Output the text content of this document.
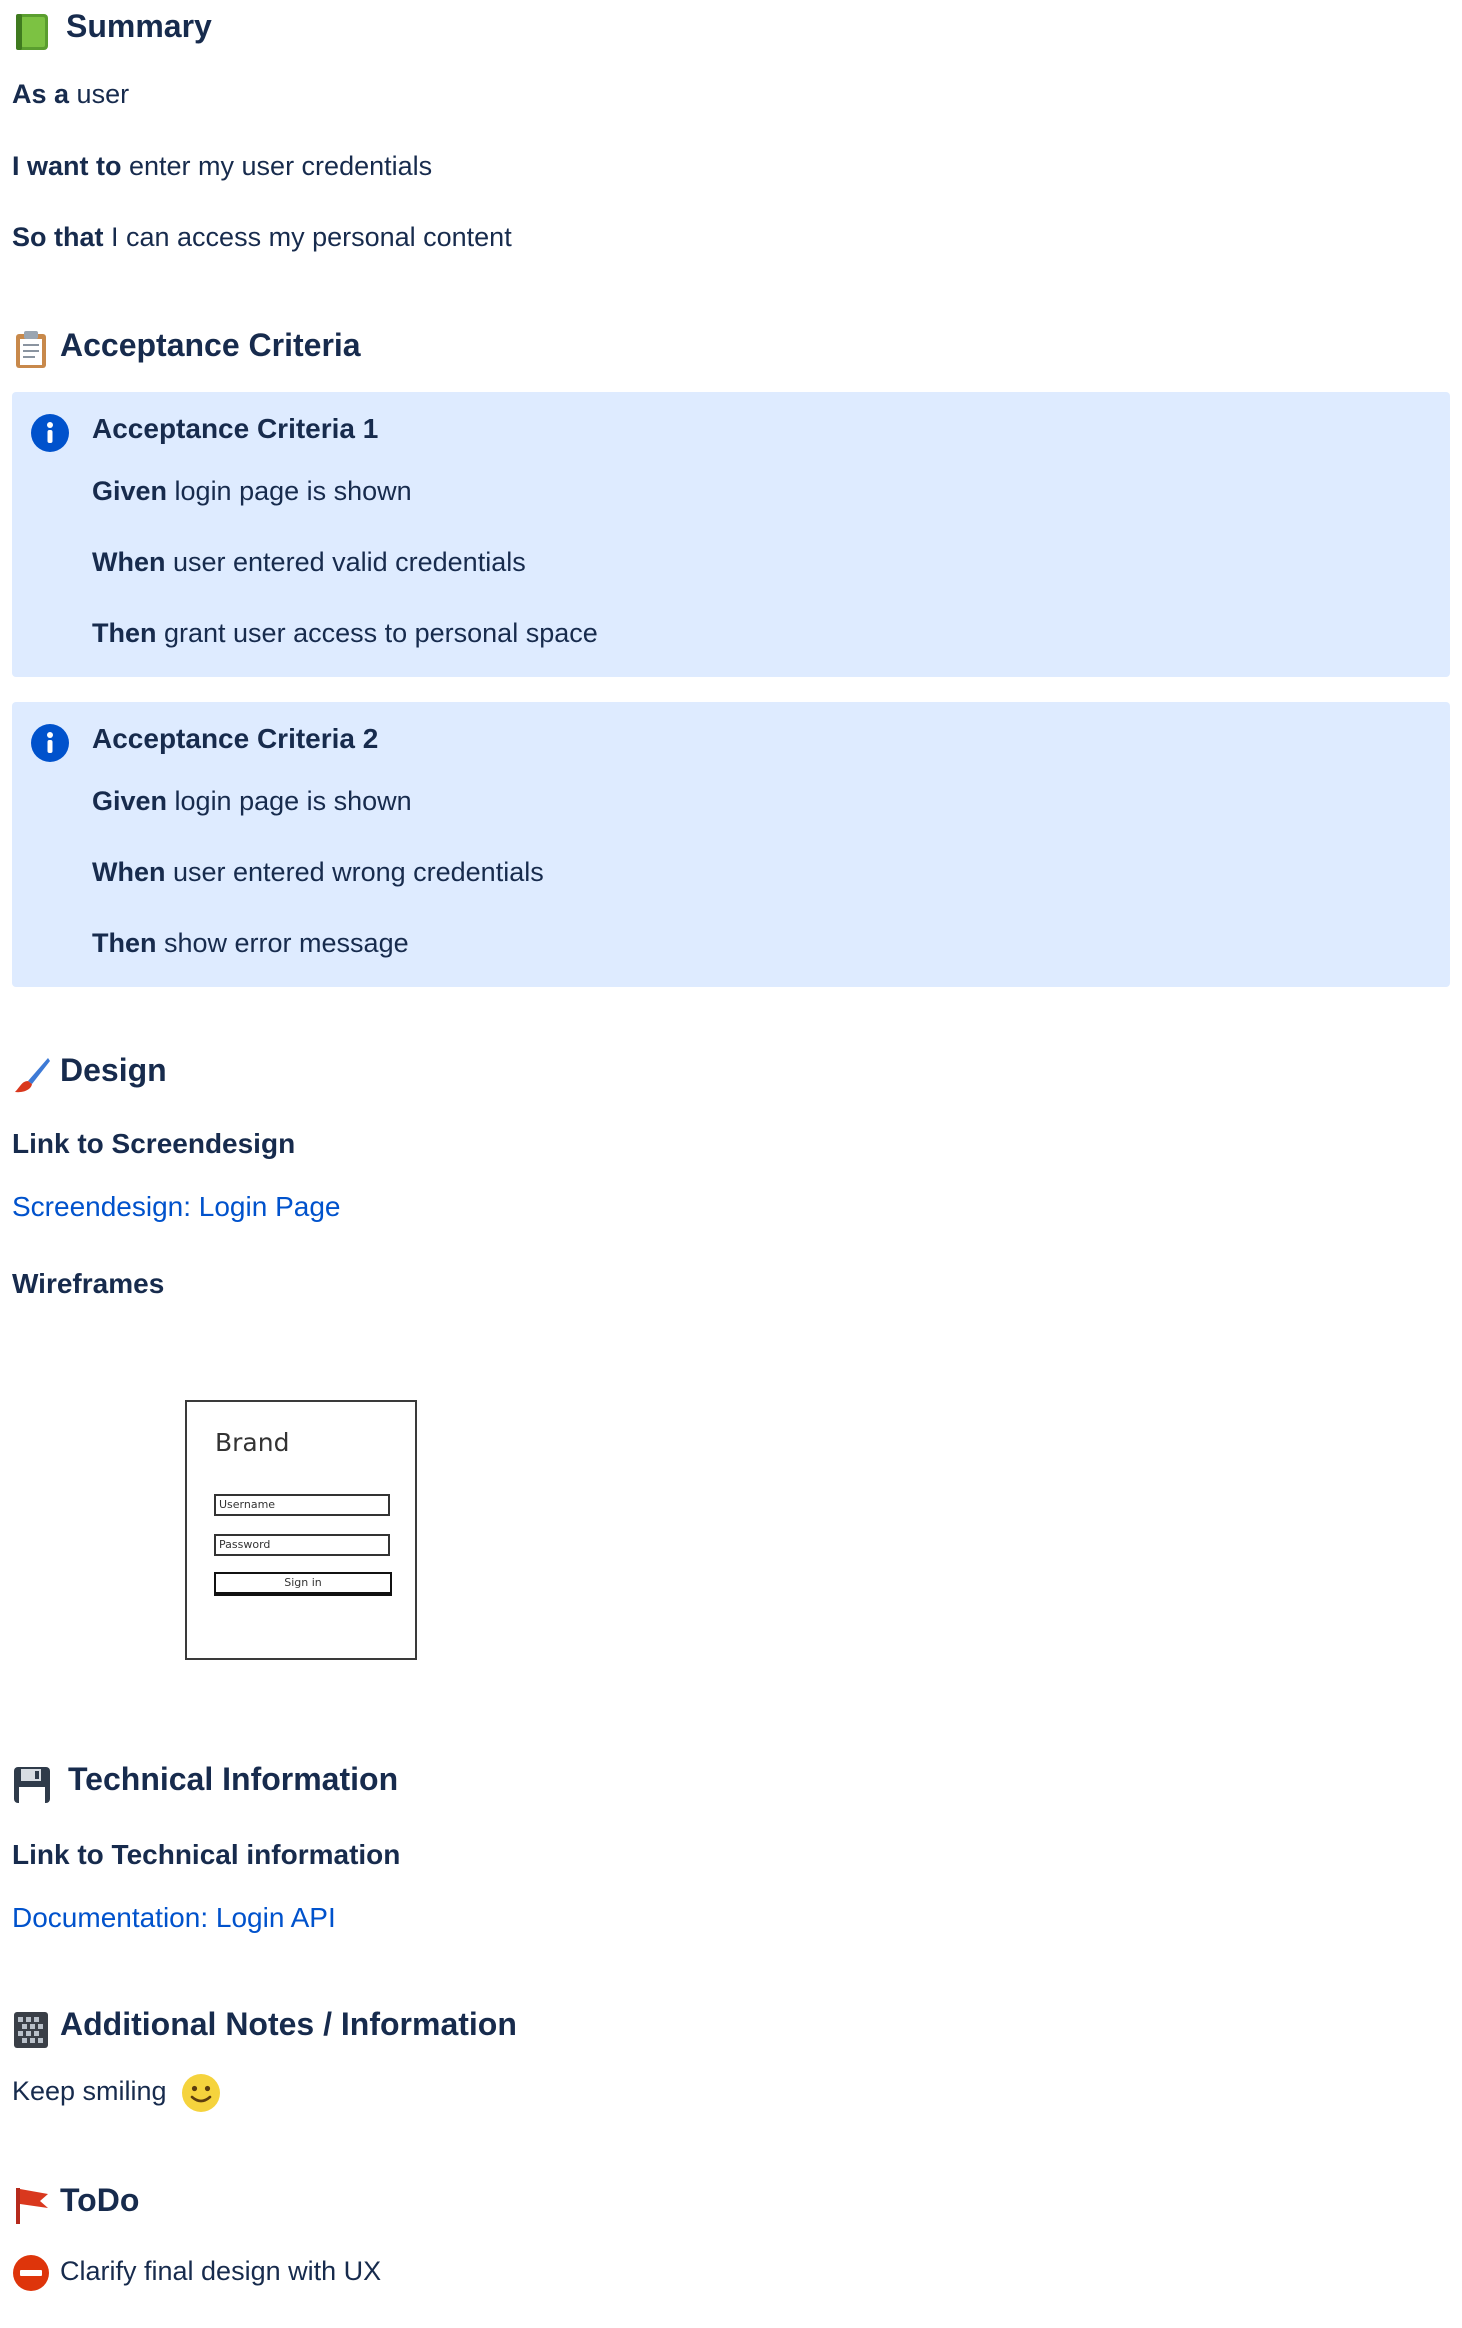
Summary
As a user
I want to enter my user credentials
So that I can access my personal content
Acceptance Criteria
Acceptance Criteria 1
Given login page is shown
When user entered valid credentials
Then grant user access to personal space
Acceptance Criteria 2
Given login page is shown
When user entered wrong credentials
Then show error message
Design
Link to Screendesign
Screendesign: Login Page
Wireframes
Brand
Username
Password
Sign in
Technical Information
Link to Technical information
Documentation: Login API
Additional Notes / Information
Keep smiling
ToDo
Clarify final design with UX
